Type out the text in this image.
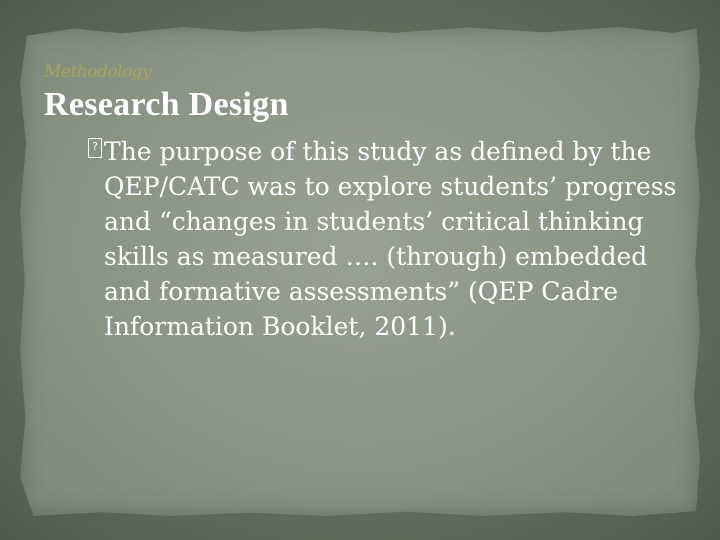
Methodology
Research Design
? The purpose of this study as defined by the QEP/CATC was to explore students’ progress and “changes in students’ critical thinking skills as measured …. (through) embedded and formative assessments” (QEP Cadre Information Booklet, 2011).
